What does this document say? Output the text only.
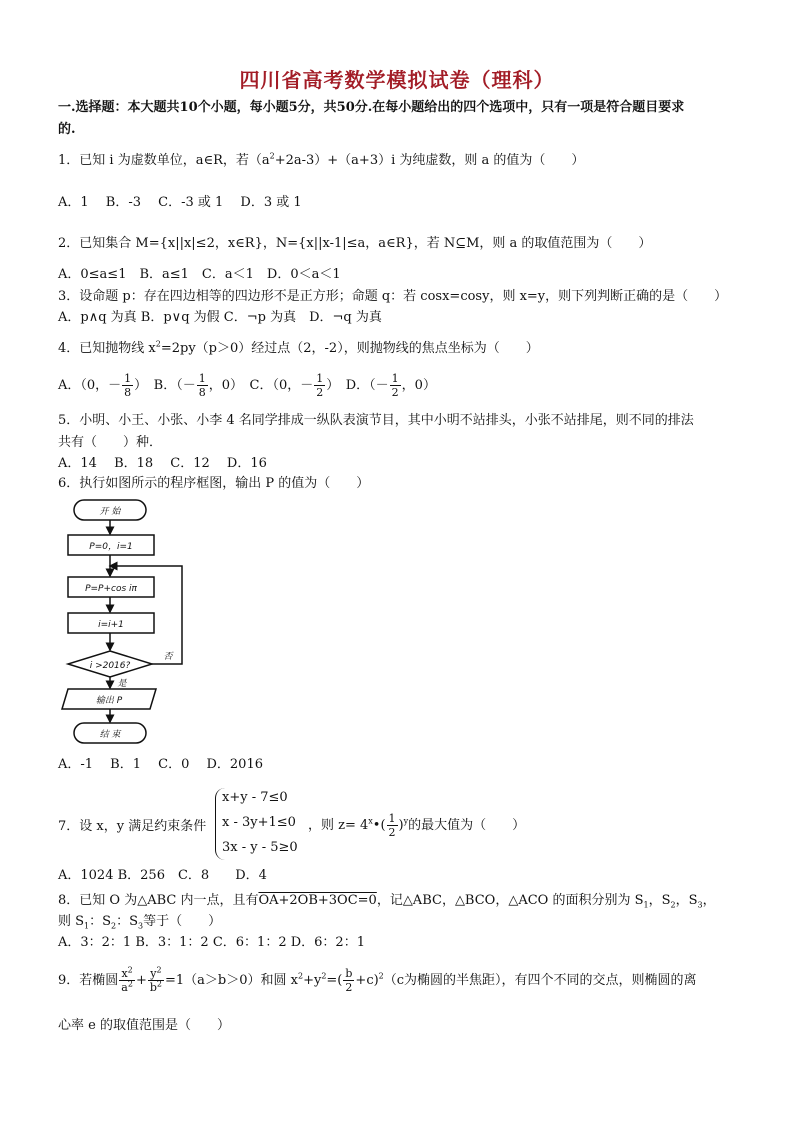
四川省高考数学模拟试卷（理科）
一.选择题：本大题共10个小题，每小题5分，共50分.在每小题给出的四个选项中，只有一项是符合题目要求
的.
1．已知 i 为虚数单位，a∈R，若$(a^2+2a-3)+(a+3)i$ 为纯虚数，则 a 的值为（　　）
A．1　 B．-3　 C．-3 或 1　 D．3 或 1
2．已知集合 M={x||x|≤2，x∈R}，N={x||x-1|≤a，a∈R}，若 N⊆M，则 a 的取值范围为（　　）
A．0≤a≤1　B．a≤1　C．a＜1　D．0＜a＜1
3．设命题 p：存在四边相等的四边形不是正方形；命题 q：若 cosx=cosy，则 x=y，则下列判断正确的是（　　）
A．p∧q 为真 B．p∨q 为假 C．¬p 为真　D．¬q 为真
4．已知抛物线 $x^2=2py(p>0)$经过点（2，-2），则抛物线的焦点坐标为（　　）
A．（0，－ $\frac{1}{8}$ ）　B．（－ $\frac{1}{8}$ ，0）　C．（0，－ $\frac{1}{2}$ ）　D．（－ $\frac{1}{2}$ ，0）
5．小明、小王、小张、小李 4 名同学排成一纵队表演节目，其中小明不站排头，小张不站排尾，则不同的排法
共有（　　）种．
A．14　 B．18　 C．12　 D．16
6．执行如图所示的程序框图，输出 P 的值为（　　）
开 始
P=0，i=1
P=P+cos iπ
i=i+1
i >2016?
否
是
输出 P
结 束
A．-1　 B．1　 C．0　 D．2016
x+y - 7≤0
x - 3y+1≤0
3x - y - 5≥0
7．设 x，y 满足约束条件	，则 $z= 4^x•( \frac{1}{2} )^y$的最大值为（　　）
A．1024 B．256　C．8　　D．4
8．已知 O 为△ABC 内一点，且有OA+2OB+3OC=0，记△ABC，△BCO，△ACO 的面积分别为 $S_1$，$S_2$，$S_3$，
则 $S_1$：$S_2$：$S_3$等于（　　）
A．3：2：1 B．3：1：2 C．6：1：2 D．6：2：1
9．若椭圆 $\frac{x^2}{a^2} + \frac{y^2}{b^2} =1(a>b>0)$和圆 $x^2+y^2=( \frac{b}{2} +c)^2(c$为椭圆的半焦距），有四个不同的交点，则椭圆的离
心率 e 的取值范围是（　　）
